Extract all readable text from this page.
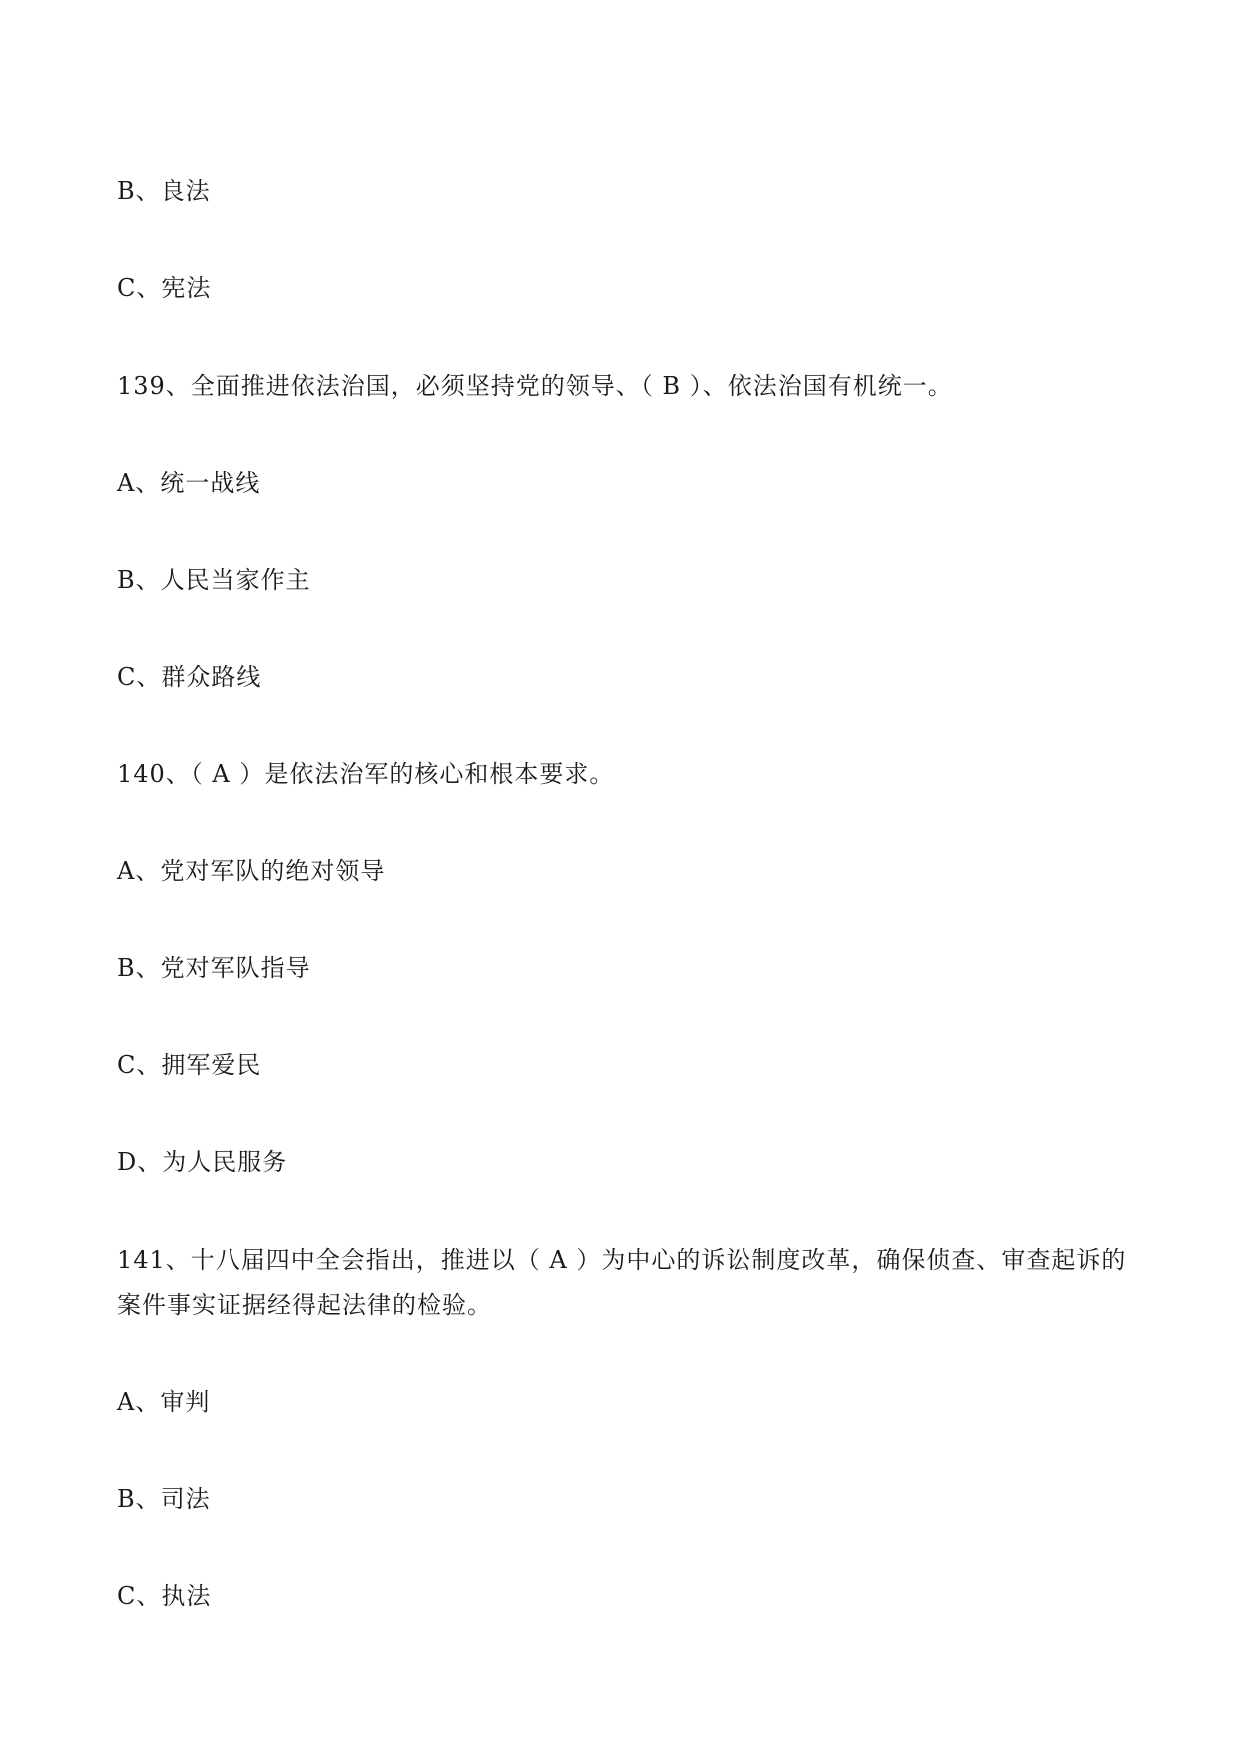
B、良法
C、宪法
139、全面推进依法治国，必须坚持党的领导、（ B ）、依法治国有机统一。
A、统一战线
B、人民当家作主
C、群众路线
140、（ A ）是依法治军的核心和根本要求。
A、党对军队的绝对领导
B、党对军队指导
C、拥军爱民
D、为人民服务
141、十八届四中全会指出，推进以（ A ）为中心的诉讼制度改革，确保侦查、审查起诉的
案件事实证据经得起法律的检验。
A、审判
B、司法
C、执法
